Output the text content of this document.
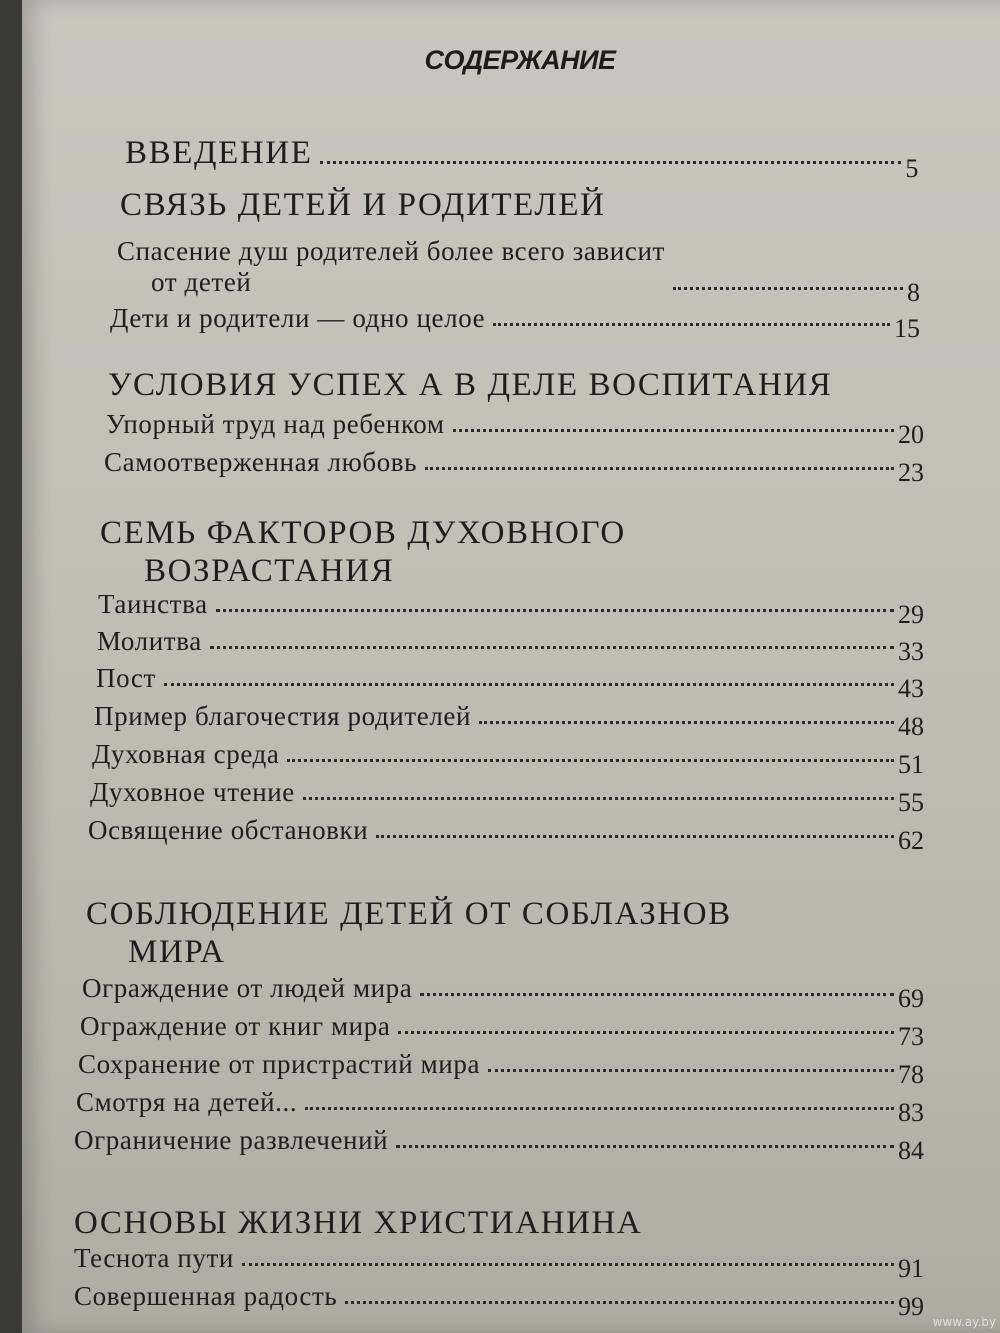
СОДЕРЖАНИЕ
ВВЕДЕНИЕ	5
СВЯЗЬ ДЕТЕЙ И РОДИТЕЛЕЙ
Спасение душ родителей более всего зависит
от детей	8
Дети и родители — одно целое	15
УСЛОВИЯ УСПЕХ А В ДЕЛЕ ВОСПИТАНИЯ
Упорный труд над ребенком	20
Самоотверженная любовь	23
СЕМЬ ФАКТОРОВ ДУХОВНОГО
ВОЗРАСТАНИЯ
Таинства	29
Молитва	33
Пост	43
Пример благочестия родителей	48
Духовная среда	51
Духовное чтение	55
Освящение обстановки	62
СОБЛЮДЕНИЕ ДЕТЕЙ ОТ СОБЛАЗНОВ
МИРА
Ограждение от людей мира	69
Ограждение от книг мира	73
Сохранение от пристрастий мира	78
Смотря на детей...	83
Ограничение развлечений	84
ОСНОВЫ ЖИЗНИ ХРИСТИАНИНА
Теснота пути	91
Совершенная радость	99
www.ay.by
